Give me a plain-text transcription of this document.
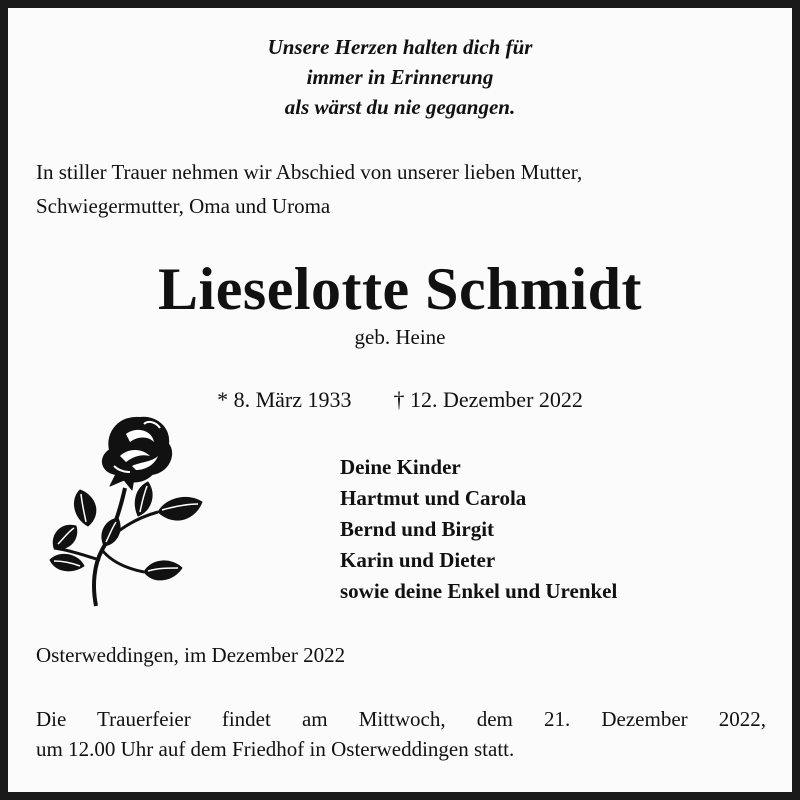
Unsere Herzen halten dich für
immer in Erinnerung
als wärst du nie gegangen.
In stiller Trauer nehmen wir Abschied von unserer lieben Mutter,
Schwiegermutter, Oma und Uroma
Lieselotte Schmidt
geb. Heine
* 8. März 1933 † 12. Dezember 2022
Deine Kinder
Hartmut und Carola
Bernd und Birgit
Karin und Dieter
sowie deine Enkel und Urenkel
Osterweddingen, im Dezember 2022
Die Trauerfeier findet am Mittwoch, dem 21. Dezember 2022,
um 12.00 Uhr auf dem Friedhof in Osterweddingen statt.
